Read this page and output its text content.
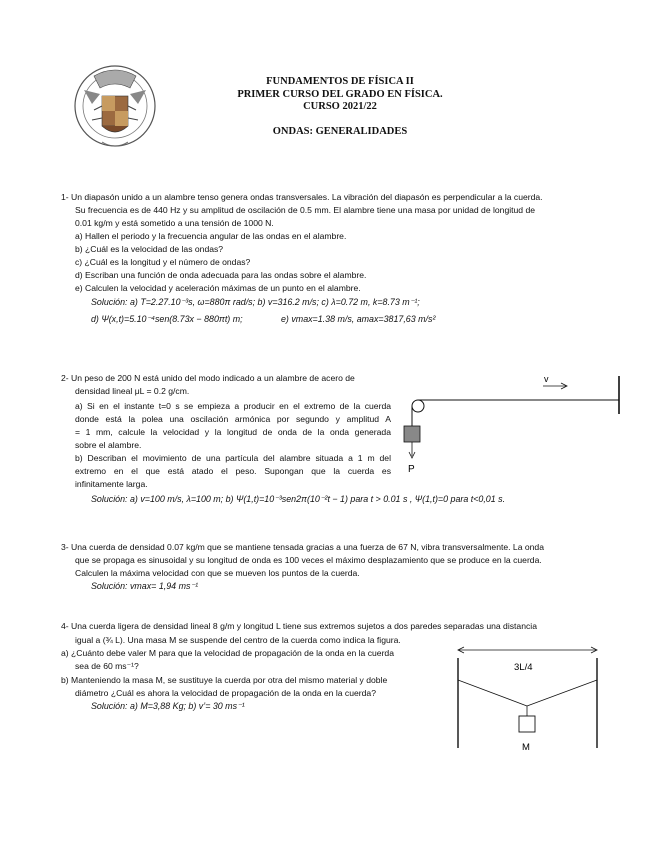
FUNDAMENTOS DE FÍSICA II
PRIMER CURSO DEL GRADO EN FÍSICA.
CURSO 2021/22
ONDAS: GENERALIDADES
1- Un diapasón unido a un alambre tenso genera ondas transversales. La vibración del diapasón es perpendicular a la cuerda.
Su frecuencia es de 440 Hz y su amplitud de oscilación de 0.5 mm. El alambre tiene una masa por unidad de longitud de
0.01 kg/m y está sometido a una tensión de 1000 N.
a) Hallen el periodo y la frecuencia angular de las ondas en el alambre.
b) ¿Cuál es la velocidad de las ondas?
c) ¿Cuál es la longitud y el número de ondas?
d) Escriban una función de onda adecuada para las ondas sobre el alambre.
e) Calculen la velocidad y aceleración máximas de un punto en el alambre.
Solución: a) T=2.27.10⁻³s, ω=880π rad/s; b) v=316.2 m/s; c) λ=0.72 m, k=8.73 m⁻¹;
d) Ψ(x,t)=5.10⁻⁴sen(8.73x − 880πt) m;	e) vmax=1.38 m/s, amax=3817,63 m/s²
2- Un peso de 200 N está unido del modo indicado a un alambre de acero de
densidad lineal μL = 0.2 g/cm.
a) Si en el instante t=0 s se empieza a producir en el extremo de la cuerda
donde está la polea una oscilación armónica por segundo y amplitud A
= 1 mm, calcule la velocidad y la longitud de onda de la onda generada
sobre el alambre.
b) Describan el movimiento de una partícula del alambre situada a 1 m del
extremo en el que está atado el peso. Supongan que la cuerda es
infinitamente larga.
Solución: a) v=100 m/s, λ=100 m; b) Ψ(1,t)=10⁻³sen2π(10⁻²t − 1) para t > 0.01 s , Ψ(1,t)=0 para t<0,01 s.
v
P
3- Una cuerda de densidad 0.07 kg/m que se mantiene tensada gracias a una fuerza de 67 N, vibra transversalmente. La onda
que se propaga es sinusoidal y su longitud de onda es 100 veces el máximo desplazamiento que se produce en la cuerda.
Calculen la máxima velocidad con que se mueven los puntos de la cuerda.
Solución: vmax= 1,94 ms⁻¹
4- Una cuerda ligera de densidad lineal 8 g/m y longitud L tiene sus extremos sujetos a dos paredes separadas una distancia
igual a (¾ L). Una masa M se suspende del centro de la cuerda como indica la figura.
a) ¿Cuánto debe valer M para que la velocidad de propagación de la onda en la cuerda
sea de 60 ms⁻¹?
b) Manteniendo la masa M, se sustituye la cuerda por otra del mismo material y doble
diámetro ¿Cuál es ahora la velocidad de propagación de la onda en la cuerda?
Solución: a) M=3,88 Kg; b) v’= 30 ms⁻¹
3L/4
M
